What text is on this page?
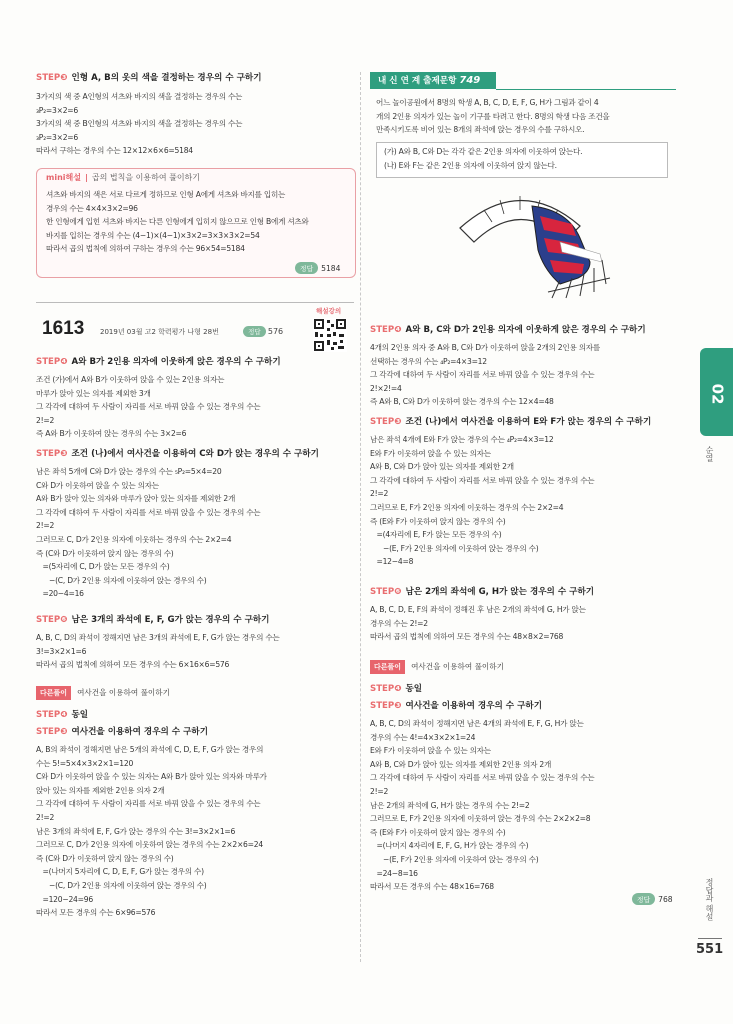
STEP❸ 인형 A, B의 옷의 색을 결정하는 경우의 수 구하기
3가지의 색 중 A인형의 셔츠와 바지의 색을 결정하는 경우의 수는
₃P₂=3×2=6
3가지의 색 중 B인형의 셔츠와 바지의 색을 결정하는 경우의 수는
₃P₂=3×2=6
따라서 구하는 경우의 수는 12×12×6×6=5184
mini해설 | 곱의 법칙을 이용하여 풀이하기
셔츠와 바지의 색은 서로 다르게 정하므로 인형 A에게 셔츠와 바지를 입히는
경우의 수는 4×4×3×2=96
한 인형에게 입힌 셔츠와 바지는 다른 인형에게 입히지 않으므로 인형 B에게 셔츠와
바지를 입히는 경우의 수는 (4−1)×(4−1)×3×2=3×3×3×2=54
따라서 곱의 법칙에 의하여 구하는 경우의 수는 96×54=5184
정답 5184
1613 2019년 03월 고2 학력평가 나형 28번	정답 576
해설강의
STEP❹ A와 B가 2인용 의자에 이웃하게 앉은 경우의 수 구하기
조건 (가)에서 A와 B가 이웃하여 앉을 수 있는 2인용 의자는
마루가 앉아 있는 의자를 제외한 3개
그 각각에 대하여 두 사람이 자리를 서로 바꿔 앉을 수 있는 경우의 수는
2!=2
즉 A와 B가 이웃하여 앉는 경우의 수는 3×2=6
STEP❸ 조건 (나)에서 여사건을 이용하여 C와 D가 앉는 경우의 수 구하기
남은 좌석 5개에 C와 D가 앉는 경우의 수는 ₅P₂=5×4=20
C와 D가 이웃하여 앉을 수 있는 의자는
A와 B가 앉아 있는 의자와 마루가 앉아 있는 의자를 제외한 2개
그 각각에 대하여 두 사람이 자리를 서로 바꿔 앉을 수 있는 경우의 수는
2!=2
그러므로 C, D가 2인용 의자에 이웃하는 경우의 수는 2×2=4
즉 (C와 D가 이웃하여 앉지 않는 경우의 수)
=(5자리에 C, D가 앉는 모든 경우의 수)
−(C, D가 2인용 의자에 이웃하여 앉는 경우의 수)
=20−4=16
STEP❻ 남은 3개의 좌석에 E, F, G가 앉는 경우의 수 구하기
A, B, C, D의 좌석이 정해지면 남은 3개의 좌석에 E, F, G가 앉는 경우의 수는
3!=3×2×1=6
따라서 곱의 법칙에 의하여 모든 경우의 수는 6×16×6=576
다른풀이 여사건을 이용하여 풀이하기
STEP❹ 동일
STEP❸ 여사건을 이용하여 경우의 수 구하기
A, B의 좌석이 정해지면 남은 5개의 좌석에 C, D, E, F, G가 앉는 경우의
수는 5!=5×4×3×2×1=120
C와 D가 이웃하여 앉을 수 있는 의자는 A와 B가 앉아 있는 의자와 마루가
앉아 있는 의자를 제외한 2인용 의자 2개
그 각각에 대하여 두 사람이 자리를 서로 바꿔 앉을 수 있는 경우의 수는
2!=2
남은 3개의 좌석에 E, F, G가 앉는 경우의 수는 3!=3×2×1=6
그러므로 C, D가 2인용 의자에 이웃하여 앉는 경우의 수는 2×2×6=24
즉 (C와 D가 이웃하여 앉지 않는 경우의 수)
=(나머지 5자리에 C, D, E, F, G가 앉는 경우의 수)
−(C, D가 2인용 의자에 이웃하여 앉는 경우의 수)
=120−24=96
따라서 모든 경우의 수는 6×96=576
내 신 연 계 출제문항 749
어느 놀이공원에서 8명의 학생 A, B, C, D, E, F, G, H가 그림과 같이 4
개의 2인용 의자가 있는 놀이 기구를 타려고 한다. 8명의 학생 다음 조건을
만족시키도록 비어 있는 8개의 좌석에 앉는 경우의 수를 구하시오.
(가) A와 B, C와 D는 각각 같은 2인용 의자에 이웃하여 앉는다.
(나) E와 F는 같은 2인용 의자에 이웃하여 앉지 않는다.
STEP❹ A와 B, C와 D가 2인용 의자에 이웃하게 앉은 경우의 수 구하기
4개의 2인용 의자 중 A와 B, C와 D가 이웃하여 앉을 2개의 2인용 의자를
선택하는 경우의 수는 ₄P₂=4×3=12
그 각각에 대하여 두 사람이 자리를 서로 바꿔 앉을 수 있는 경우의 수는
2!×2!=4
즉 A와 B, C와 D가 이웃하여 앉는 경우의 수는 12×4=48
STEP❸ 조건 (나)에서 여사건을 이용하여 E와 F가 앉는 경우의 수 구하기
남은 좌석 4개에 E와 F가 앉는 경우의 수는 ₄P₂=4×3=12
E와 F가 이웃하여 앉을 수 있는 의자는
A와 B, C와 D가 앉아 있는 의자를 제외한 2개
그 각각에 대하여 두 사람이 자리를 서로 바꿔 앉을 수 있는 경우의 수는
2!=2
그러므로 E, F가 2인용 의자에 이웃하는 경우의 수는 2×2=4
즉 (E와 F가 이웃하여 앉지 않는 경우의 수)
=(4자리에 E, F가 앉는 모든 경우의 수)
−(E, F가 2인용 의자에 이웃하여 앉는 경우의 수)
=12−4=8
STEP❻ 남은 2개의 좌석에 G, H가 앉는 경우의 수 구하기
A, B, C, D, E, F의 좌석이 정해진 후 남은 2개의 좌석에 G, H가 앉는
경우의 수는 2!=2
따라서 곱의 법칙에 의하여 모든 경우의 수는 48×8×2=768
다른풀이 여사건을 이용하여 풀이하기
STEP❹ 동일
STEP❸ 여사건을 이용하여 경우의 수 구하기
A, B, C, D의 좌석이 정해지면 남은 4개의 좌석에 E, F, G, H가 앉는
경우의 수는 4!=4×3×2×1=24
E와 F가 이웃하여 앉을 수 있는 의자는
A와 B, C와 D가 앉아 있는 의자를 제외한 2인용 의자 2개
그 각각에 대하여 두 사람이 자리를 서로 바꿔 앉을 수 있는 경우의 수는
2!=2
남은 2개의 좌석에 G, H가 앉는 경우의 수는 2!=2
그러므로 E, F가 2인용 의자에 이웃하여 앉는 경우의 수는 2×2×2=8
즉 (E와 F가 이웃하여 앉지 않는 경우의 수)
=(나머지 4자리에 E, F, G, H가 앉는 경우의 수)
−(E, F가 2인용 의자에 이웃하여 앉는 경우의 수)
=24−8=16
따라서 모든 경우의 수는 48×16=768
정답 768
02
순열
정답과 해설
551
